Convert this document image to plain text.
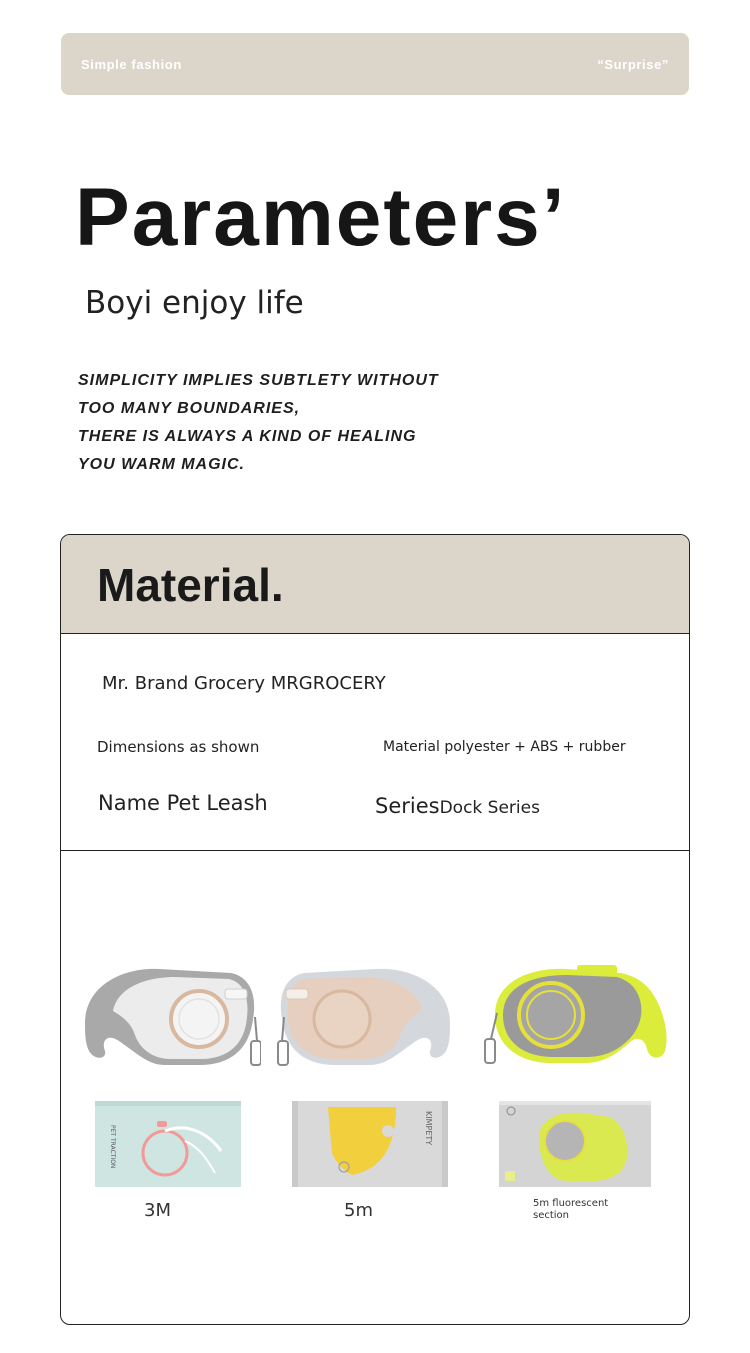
Simple fashion	“Surprise”
Parameters’
Boyi enjoy life
SIMPLICITY IMPLIES SUBTLETY WITHOUT
TOO MANY BOUNDARIES,
THERE IS ALWAYS A KIND OF HEALING
YOU WARM MAGIC.
Material.
Mr. Brand Grocery MRGROCERY
Dimensions as shown	Material polyester + ABS + rubber
Name Pet Leash	SeriesDock Series
PET TRACTION	KIMPETY
3M	5m	5m fluorescent section
